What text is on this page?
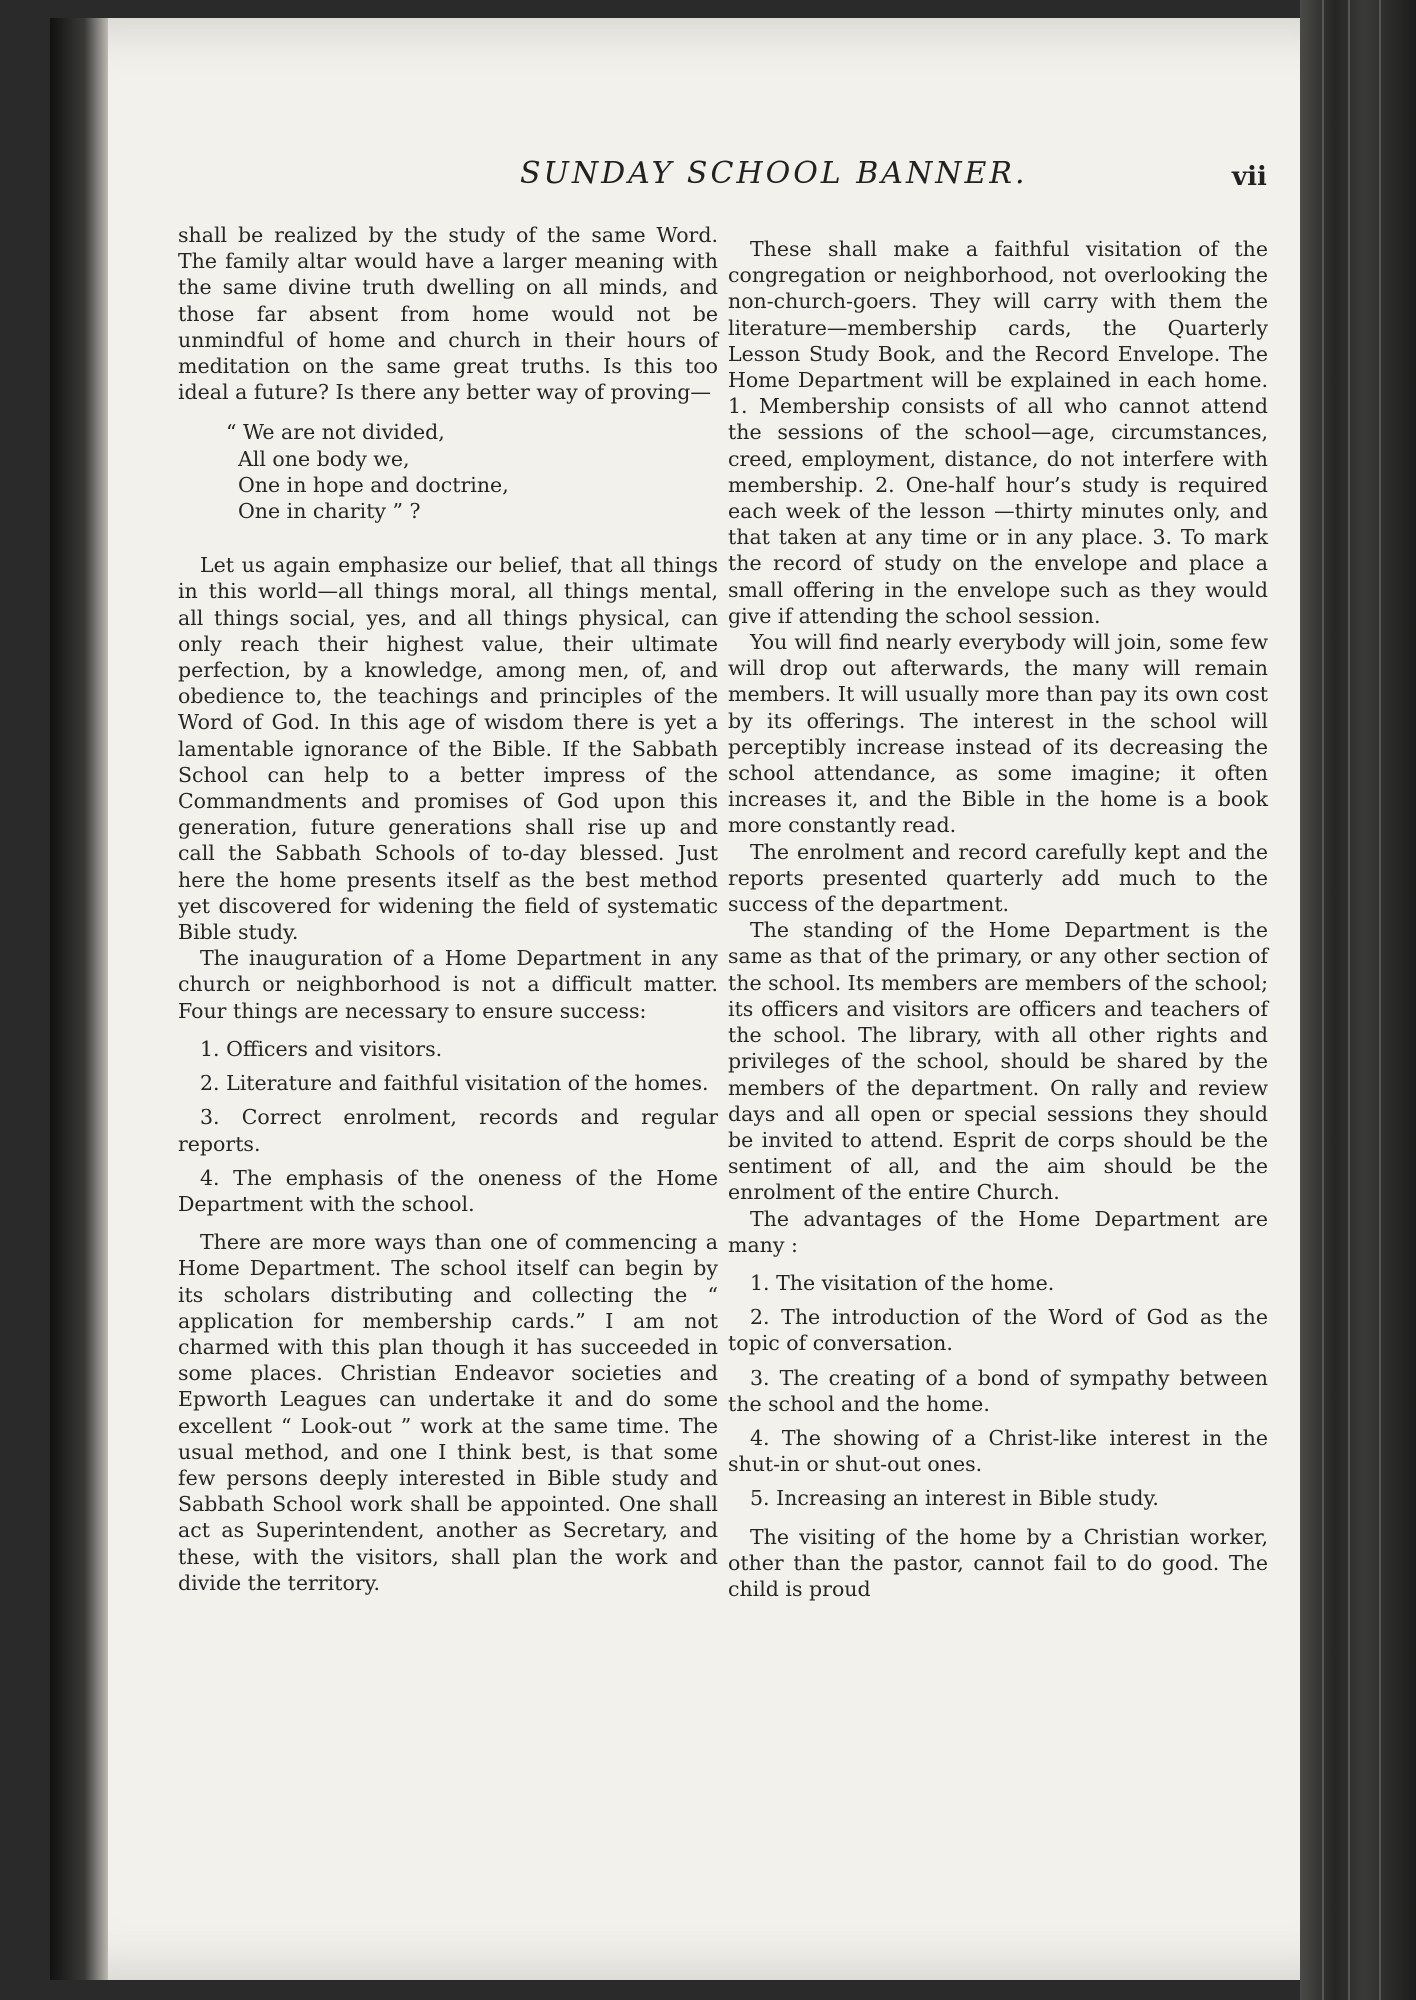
SUNDAY SCHOOL BANNER.	vii

shall be realized by the study of the same Word. The family altar would have a larger meaning with the same divine truth dwelling on all minds, and those far absent from home would not be unmindful of home and church in their hours of meditation on the same great truths. Is this too ideal a future? Is there any better way of proving—

“ We are not divided,
All one body we,
One in hope and doctrine,
One in charity ” ?

Let us again emphasize our belief, that all things in this world—all things moral, all things mental, all things social, yes, and all things physical, can only reach their highest value, their ultimate perfection, by a knowledge, among men, of, and obedience to, the teachings and principles of the Word of God. In this age of wisdom there is yet a lamentable ignorance of the Bible. If the Sabbath School can help to a better impress of the Commandments and promises of God upon this generation, future generations shall rise up and call the Sabbath Schools of to-day blessed. Just here the home presents itself as the best method yet discovered for widening the field of systematic Bible study.

The inauguration of a Home Department in any church or neighborhood is not a difficult matter. Four things are necessary to ensure success:

1. Officers and visitors.

2. Literature and faithful visitation of the homes.

3. Correct enrolment, records and regular reports.

4. The emphasis of the oneness of the Home Department with the school.

There are more ways than one of commencing a Home Department. The school itself can begin by its scholars distributing and collecting the “ application for membership cards.” I am not charmed with this plan though it has succeeded in some places. Christian Endeavor societies and Epworth Leagues can undertake it and do some excellent “ Look-out ” work at the same time. The usual method, and one I think best, is that some few persons deeply interested in Bible study and Sabbath School work shall be appointed. One shall act as Superintendent, another as Secretary, and these, with the visitors, shall plan the work and divide the territory.

These shall make a faithful visitation of the congregation or neighborhood, not overlooking the non-church-goers. They will carry with them the literature—membership cards, the Quarterly Lesson Study Book, and the Record Envelope. The Home Department will be explained in each home. 1. Membership consists of all who cannot attend the sessions of the school—age, circumstances, creed, employment, distance, do not interfere with membership. 2. One-half hour’s study is required each week of the lesson —thirty minutes only, and that taken at any time or in any place. 3. To mark the record of study on the envelope and place a small offering in the envelope such as they would give if attending the school session.

You will find nearly everybody will join, some few will drop out afterwards, the many will remain members. It will usually more than pay its own cost by its offerings. The interest in the school will perceptibly increase instead of its decreasing the school attendance, as some imagine; it often increases it, and the Bible in the home is a book more constantly read.

The enrolment and record carefully kept and the reports presented quarterly add much to the success of the department.

The standing of the Home Department is the same as that of the primary, or any other section of the school. Its members are members of the school; its officers and visitors are officers and teachers of the school. The library, with all other rights and privileges of the school, should be shared by the members of the department. On rally and review days and all open or special sessions they should be invited to attend. Esprit de corps should be the sentiment of all, and the aim should be the enrolment of the entire Church.

The advantages of the Home Department are many :

1. The visitation of the home.

2. The introduction of the Word of God as the topic of conversation.

3. The creating of a bond of sympathy between the school and the home.

4. The showing of a Christ-like interest in the shut-in or shut-out ones.

5. Increasing an interest in Bible study.

The visiting of the home by a Christian worker, other than the pastor, cannot fail to do good. The child is proud
